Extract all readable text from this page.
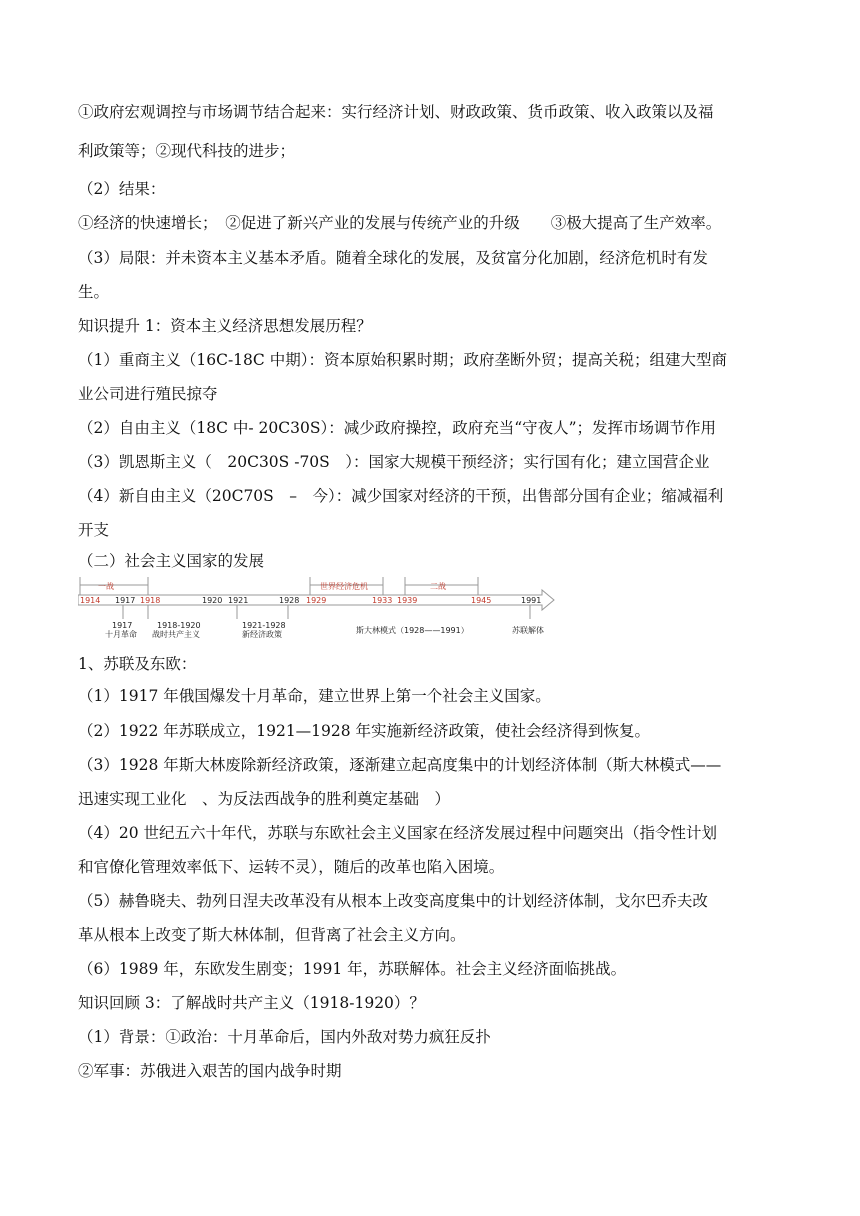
①政府宏观调控与市场调节结合起来：实行经济计划、财政政策、货币政策、收入政策以及福
利政策等；②现代科技的进步；
（2）结果：
①经济的快速增长；　②促进了新兴产业的发展与传统产业的升级　　③极大提高了生产效率。
（3）局限：并未资本主义基本矛盾。随着全球化的发展，及贫富分化加剧，经济危机时有发
生。
知识提升 1：资本主义经济思想发展历程？
（1）重商主义（16C-18C 中期）：资本原始积累时期；政府垄断外贸；提高关税；组建大型商
业公司进行殖民掠夺
（2）自由主义（18C 中- 20C30S）：减少政府操控，政府充当“守夜人”；发挥市场调节作用
（3）凯恩斯主义（　20C30S -70S　）：国家大规模干预经济；实行国有化；建立国营企业
（4）新自由主义（20C70S　–　今）：减少国家对经济的干预，出售部分国有企业；缩减福利
开支
（二）社会主义国家的发展
一战	世界经济危机	二战
1914 1917 1918	1920 1921	1928 1929	1933 1939	1945	1991
1917
十月革命
1918-1920
战时共产主义
1921-1928
新经济政策	斯大林模式（1928——1991）	苏联解体
1、苏联及东欧：
（1）1917 年俄国爆发十月革命，建立世界上第一个社会主义国家。
（2）1922 年苏联成立，1921—1928 年实施新经济政策，使社会经济得到恢复。
（3）1928 年斯大林废除新经济政策，逐渐建立起高度集中的计划经济体制（斯大林模式——
迅速实现工业化　、为反法西战争的胜利奠定基础　）
（4）20 世纪五六十年代，苏联与东欧社会主义国家在经济发展过程中问题突出（指令性计划
和官僚化管理效率低下、运转不灵），随后的改革也陷入困境。
（5）赫鲁晓夫、勃列日涅夫改革没有从根本上改变高度集中的计划经济体制，戈尔巴乔夫改
革从根本上改变了斯大林体制，但背离了社会主义方向。
（6）1989 年，东欧发生剧变；1991 年，苏联解体。社会主义经济面临挑战。
知识回顾 3：了解战时共产主义（1918-1920）？
（1）背景：①政治：十月革命后，国内外敌对势力疯狂反扑
②军事：苏俄进入艰苦的国内战争时期
